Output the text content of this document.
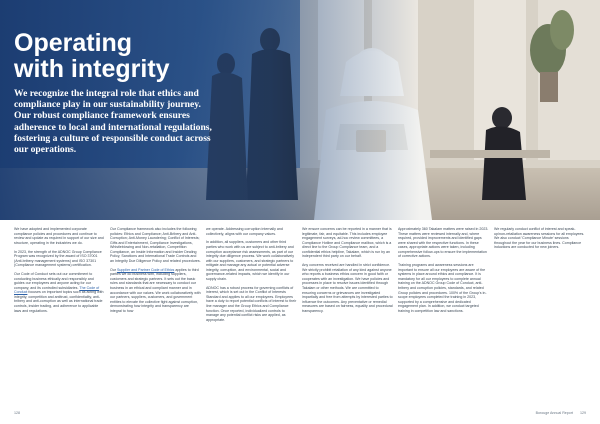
Operating
with integrity
We recognize the integral role that ethics and compliance play in our sustainability journey. Our robust compliance framework ensures adherence to local and international regulations, fostering a culture of responsible conduct across our operations.

We have adopted and implemented corporate compliance policies and procedures and continue to review and update as required in support of our size and structure, operating in the industries we do.

In 2023, the strength of the ADNOC Group Compliance Program was recognized by the award of ISO 37001 (Anti-bribery management systems) and ISO 37301 (Compliance management systems) certification.

Our Code of Conduct sets out our commitment to conducting business ethically and responsibly and guides our employees and anyone acting for our company, and its controlled subsidiaries. The Code of Conduct focuses on important topics such as acting with integrity, competition and antitrust, confidentiality, anti-bribery and anti-corruption as well as international trade controls, insider trading, and adherence to applicable laws and regulations.

Our Compliance framework also includes the following policies: Ethics and Compliance; Anti-Bribery and Anti-Corruption; Anti-Money Laundering; Conflict of Interests; Gifts and Entertainment, Compliance Investigations, Whistleblowing and Non-retaliation, Competition Compliance, an Inside Information and Insider Dealing Policy, Sanctions and International Trade Controls and an Integrity Due Diligence Policy and related procedures.

Our Supplier and Partner Code of Ethics applies to third parties we do business with, including suppliers, customers and strategic partners. It sets out the basic rules and standards that are necessary to conduct our business in an ethical and compliant manner and in accordance with our values. We work collaboratively with our partners, suppliers, customers, and government entities to elevate the collective fight against corruption, demonstrating how integrity and transparency are integral to how

we operate. Addressing corruption internally and collectively, aligns with our company values.

In addition, all suppliers, customers and other third parties who work with us are subject to anti-bribery and corruption acceptance risk assessments, as part of our integrity due diligence process. We work collaboratively with our suppliers, customers, and strategic partners to mitigate and manage any actual or potential adverse integrity, corruption, and environmental, social and governance-related impacts, which we identify in our supply chain.

ADNOC has a robust process for governing conflicts of interest, which is set out in the Conflict of Interests Standard and applies to all our employees. Employees have a duty to report potential conflicts of interest to their line manager and the Group Ethics and Compliance function. Once reported, individualized controls to manage any potential conflict risks are applied, as appropriate.

We ensure concerns can be reported in a manner that is legitimate, fair, and equitable. This includes employee engagement surveys, ad-hoc review committees, a Compliance Hotline and Compliance mailbox, which is a direct line to the Group Compliance team, and a confidential ethics helpline, Takalam, which is run by an independent third party on our behalf.

Any concerns received are handled in strict confidence. We strictly prohibit retaliation of any kind against anyone who reports a business ethics concern in good faith or cooperates with an investigation. We have policies and processes in place to resolve issues identified through Takalam or other methods. We are committed to ensuring concerns or grievances are investigated impartially and free from attempts by interested parties to influence the outcomes. Any preventative or remedial measures are based on fairness, equality and procedural transparency.

Approximately 360 Takalam matters were raised in 2023. These matters were reviewed internally and, where required, provided improvements and identified gaps were shared with the respective functions. In these cases, appropriate actions were taken, including comprehensive follow-ups to ensure the implementation of corrective actions.

Training programs and awareness sessions are important to ensure all our employees are aware of the systems in place around ethics and compliance. It is mandatory for all our employees to complete annual training on the ADNOC Group Code of Conduct, anti-bribery and corruption policies, standards, and related Group policies and procedures. 100% of the Group's in-scope employees completed the training in 2023, supported by a comprehensive and dedicated engagement plan. In addition, we conduct targeted training in competition law and sanctions.

We regularly conduct conflict of interest and speak-up/non-retaliation awareness sessions for all employees. We also conduct 'Compliance Minute' sessions throughout the year for our business lines. Compliance inductions are conducted for new joiners.

128	Borouge Annual Report 129
